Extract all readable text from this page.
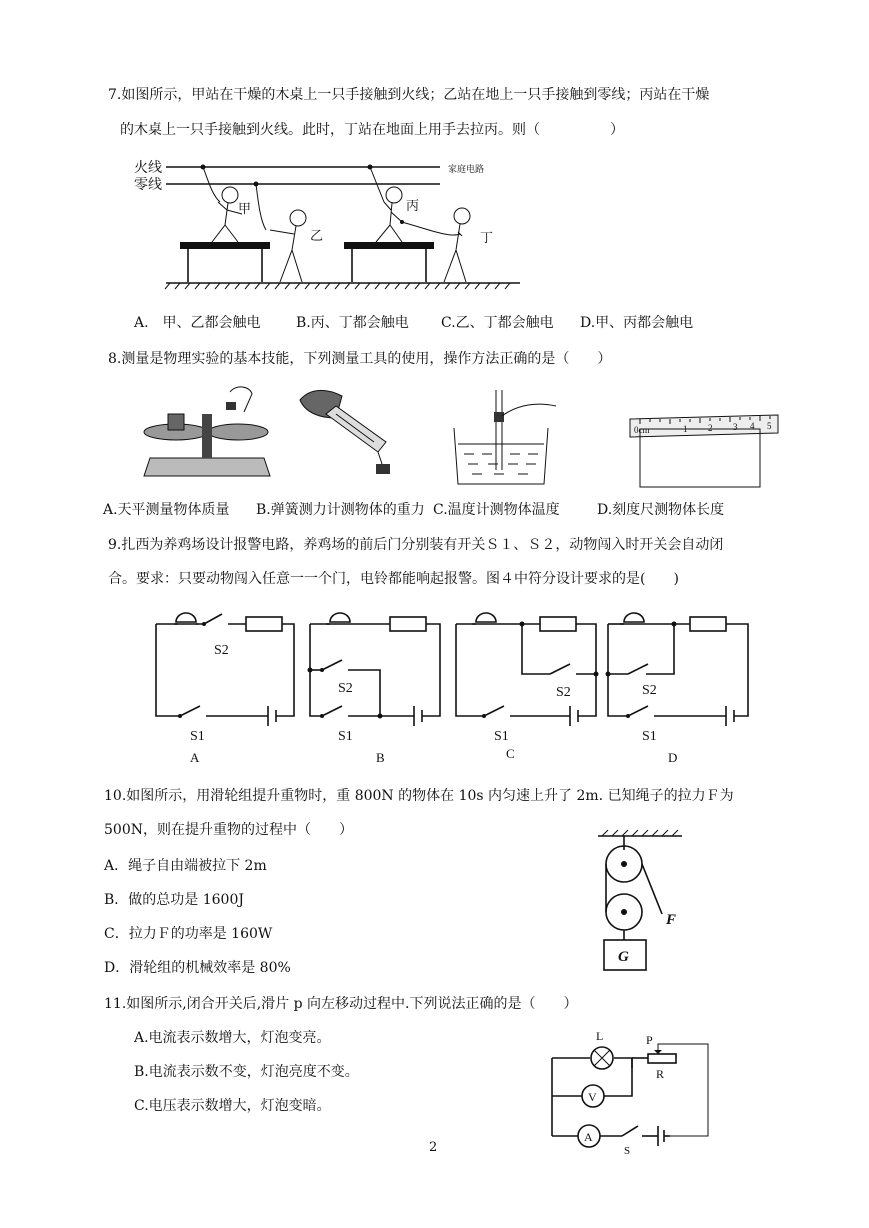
7.如图所示，甲站在干燥的木桌上一只手接触到火线；乙站在地上一只手接触到零线；丙站在干燥
的木桌上一只手接触到火线。此时，丁站在地面上用手去拉丙。则（　　　　　）
火线
零线
家庭电路
甲
乙
丙
丁
A.　甲、乙都会触电	B.丙、丁都会触电 C.乙、丁都会触电 D.甲、丙都会触电
8.测量是物理实验的基本技能，下列测量工具的使用，操作方法正确的是（　　）
0cm	1 2 3 4 5
A.天平测量物体质量 B.弹簧测力计测物体的重力 C.温度计测物体温度	D.刻度尺测物体长度
9.扎西为养鸡场设计报警电路，养鸡场的前后门分别装有开关Ｓ１、Ｓ２，动物闯入时开关会自动闭
合。要求：只要动物闯入任意一一个门，电铃都能响起报警。图４中符分设计要求的是(　　)
S2
S1
A
S2
S1
B
S2
S1
C
S2
S1
D
10.如图所示，用滑轮组提升重物时，重 800N 的物体在 10s 内匀速上升了 2m. 已知绳子的拉力Ｆ为
500N，则在提升重物的过程中（　　）
A．绳子自由端被拉下 2m
B．做的总功是 1600J
C．拉力Ｆ的功率是 160W
D．滑轮组的机械效率是 80%
F
G
11.如图所示,闭合开关后,滑片 p 向左移动过程中.下列说法正确的是（　　）
A.电流表示数增大，灯泡变亮。
B.电流表示数不变，灯泡亮度不变。
C.电压表示数增大，灯泡变暗。
L	P
R
V
A
S
2
